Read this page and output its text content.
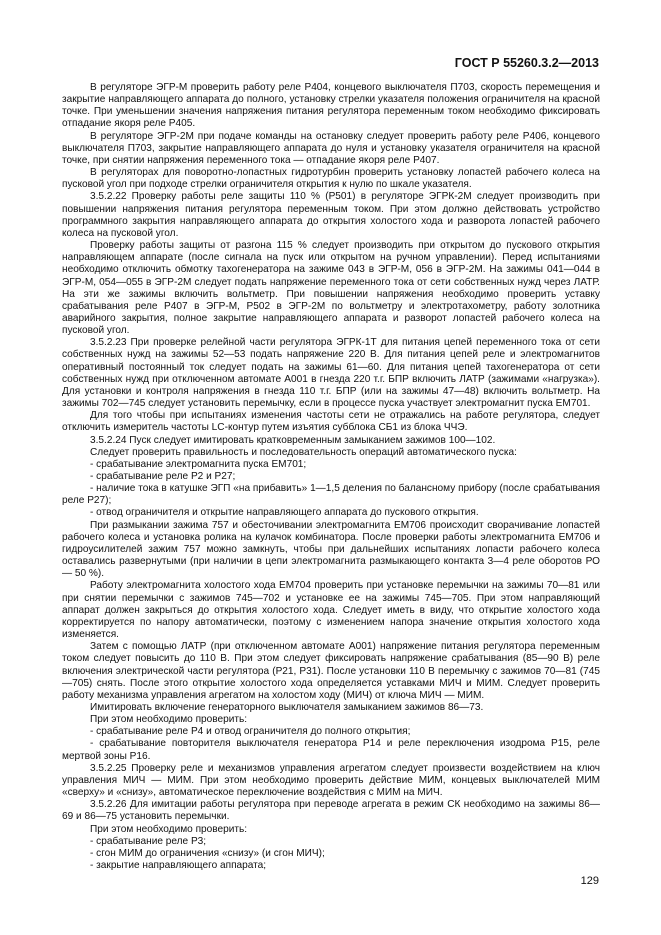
ГОСТ Р 55260.3.2—2013

В регуляторе ЭГР-М проверить работу реле Р404, концевого выключателя П703, скорость перемещения и закрытие направляющего аппарата до полного, установку стрелки указателя положения ограничителя на красной точке. При уменьшении значения напряжения питания регулятора переменным током необходимо фиксировать отпадание якоря реле Р405.

В регуляторе ЭГР-2М при подаче команды на остановку следует проверить работу реле Р406, концевого выключателя П703, закрытие направляющего аппарата до нуля и установку указателя ограничителя на красной точке, при снятии напряжения переменного тока — отпадание якоря реле Р407.

В регуляторах для поворотно-лопастных гидротурбин проверить установку лопастей рабочего колеса на пусковой угол при подходе стрелки ограничителя открытия к нулю по шкале указателя.

3.5.2.22 Проверку работы реле защиты 110 % (Р501) в регуляторе ЭГРК-2М следует производить при повышении напряжения питания регулятора переменным током. При этом должно действовать устройство программного закрытия направляющего аппарата до открытия холостого хода и разворота лопастей рабочего колеса на пусковой угол.

Проверку работы защиты от разгона 115 % следует производить при открытом до пускового открытия направляющем аппарате (после сигнала на пуск или открытом на ручном управлении). Перед испытаниями необходимо отключить обмотку тахогенератора на зажиме 043 в ЭГР-М, 056 в ЭГР-2М. На зажимы 041—044 в ЭГР-М, 054—055 в ЭГР-2М следует подать напряжение переменного тока от сети собственных нужд через ЛАТР. На эти же зажимы включить вольтметр. При повышении напряжения необходимо проверить уставку срабатывания реле Р407 в ЭГР-М, Р502 в ЭГР-2М по вольтметру и электротахометру, работу золотника аварийного закрытия, полное закрытие направляющего аппарата и разворот лопастей рабочего колеса на пусковой угол.

3.5.2.23 При проверке релейной части регулятора ЭГРК-1Т для питания цепей переменного тока от сети собственных нужд на зажимы 52—53 подать напряжение 220 В. Для питания цепей реле и электромагнитов оперативный постоянный ток следует подать на зажимы 61—60. Для питания цепей тахогенератора от сети собственных нужд при отключенном автомате А001 в гнезда 220 т.г. БПР включить ЛАТР (зажимами «нагрузка»). Для установки и контроля напряжения в гнезда 110 т.г. БПР (или на зажимы 47—48) включить вольтметр. На зажимы 702—745 следует установить перемычку, если в процессе пуска участвует электромагнит пуска ЕМ701.

Для того чтобы при испытаниях изменения частоты сети не отражались на работе регулятора, следует отключить измеритель частоты LC-контур путем изъятия субблока СБ1 из блока ЧЧЭ.

3.5.2.24 Пуск следует имитировать кратковременным замыканием зажимов 100—102.

Следует проверить правильность и последовательность операций автоматического пуска:

- срабатывание электромагнита пуска ЕМ701;

- срабатывание реле Р2 и Р27;

- наличие тока в катушке ЭГП «на прибавить» 1—1,5 деления по балансному прибору (после срабатывания реле Р27);

- отвод ограничителя и открытие направляющего аппарата до пускового открытия.

При размыкании зажима 757 и обесточивании электромагнита ЕМ706 происходит сворачивание лопастей рабочего колеса и установка ролика на кулачок комбинатора. После проверки работы электромагнита ЕМ706 и гидроусилителей зажим 757 можно замкнуть, чтобы при дальнейших испытаниях лопасти рабочего колеса оставались развернутыми (при наличии в цепи электромагнита размыкающего контакта 3—4 реле оборотов РО — 50 %).

Работу электромагнита холостого хода ЕМ704 проверить при установке перемычки на зажимы 70—81 или при снятии перемычки с зажимов 745—702 и установке ее на зажимы 745—705. При этом направляющий аппарат должен закрыться до открытия холостого хода. Следует иметь в виду, что открытие холостого хода корректируется по напору автоматически, поэтому с изменением напора значение открытия холостого хода изменяется.

Затем с помощью ЛАТР (при отключенном автомате А001) напряжение питания регулятора переменным током следует повысить до 110 В. При этом следует фиксировать напряжение срабатывания (85—90 В) реле включения электрической части регулятора (Р21, Р31). После установки 110 В перемычку с зажимов 70—81 (745—705) снять. После этого открытие холостого хода определяется уставками МИЧ и МИМ. Следует проверить работу механизма управления агрегатом на холостом ходу (МИЧ) от ключа МИЧ — МИМ.

Имитировать включение генераторного выключателя замыканием зажимов 86—73.

При этом необходимо проверить:

- срабатывание реле Р4 и отвод ограничителя до полного открытия;

- срабатывание повторителя выключателя генератора Р14 и реле переключения изодрома Р15, реле мертвой зоны Р16.

3.5.2.25 Проверку реле и механизмов управления агрегатом следует произвести воздействием на ключ управления МИЧ — МИМ. При этом необходимо проверить действие МИМ, концевых выключателей МИМ «сверху» и «снизу», автоматическое переключение воздействия с МИМ на МИЧ.

3.5.2.26 Для имитации работы регулятора при переводе агрегата в режим СК необходимо на зажимы 86—69 и 86—75 установить перемычки.

При этом необходимо проверить:

- срабатывание реле Р3;

- сгон МИМ до ограничения «снизу» (и сгон МИЧ);

- закрытие направляющего аппарата;

129
